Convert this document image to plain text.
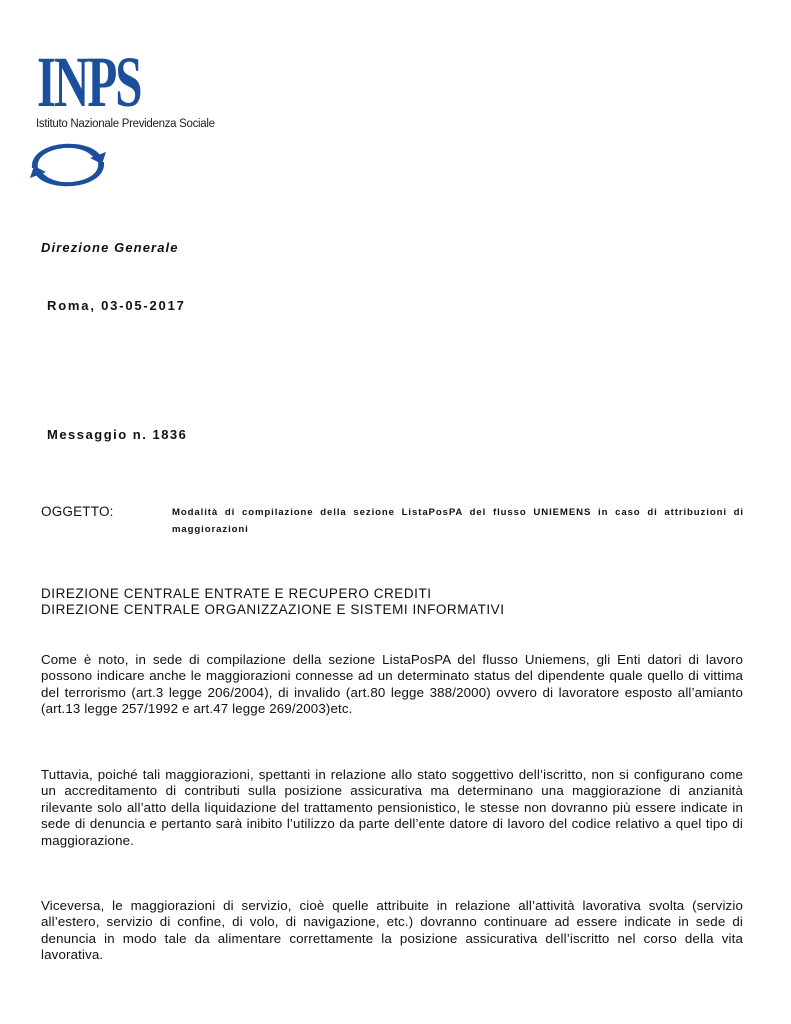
INPS
Istituto Nazionale Previdenza Sociale
Direzione Generale
Roma, 03-05-2017
Messaggio n. 1836
OGGETTO:	Modalità di compilazione della sezione ListaPosPA del flusso UNIEMENS in caso di attribuzioni di maggiorazioni
DIREZIONE CENTRALE ENTRATE E RECUPERO CREDITI
DIREZIONE CENTRALE ORGANIZZAZIONE E SISTEMI INFORMATIVI
Come è noto, in sede di compilazione della sezione ListaPosPA del flusso Uniemens, gli Enti datori di lavoro possono indicare anche le maggiorazioni connesse ad un determinato status del dipendente quale quello di vittima del terrorismo (art.3 legge 206/2004), di invalido (art.80 legge 388/2000) ovvero di lavoratore esposto all’amianto (art.13 legge 257/1992 e art.47 legge 269/2003)etc.
Tuttavia, poiché tali maggiorazioni, spettanti in relazione allo stato soggettivo dell’iscritto, non si configurano come un accreditamento di contributi sulla posizione assicurativa ma determinano una maggiorazione di anzianità rilevante solo all’atto della liquidazione del trattamento pensionistico, le stesse non dovranno più essere indicate in sede di denuncia e pertanto sarà inibito l’utilizzo da parte dell’ente datore di lavoro del codice relativo a quel tipo di maggiorazione.
Viceversa, le maggiorazioni di servizio, cioè quelle attribuite in relazione all’attività lavorativa svolta (servizio all’estero, servizio di confine, di volo, di navigazione, etc.) dovranno continuare ad essere indicate in sede di denuncia in modo tale da alimentare correttamente la posizione assicurativa dell’iscritto nel corso della vita lavorativa.
